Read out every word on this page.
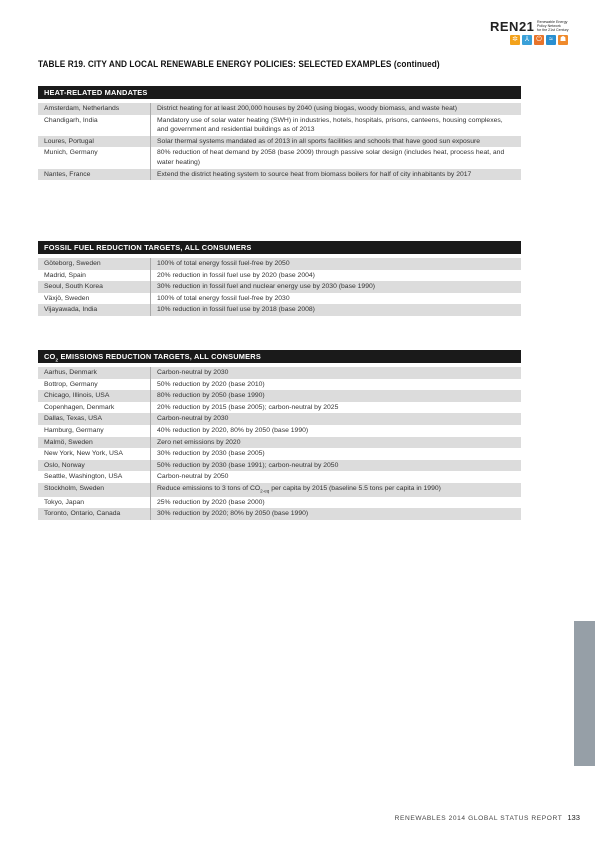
REN21 Renewable Energy
Policy Network
for the 21st Century
✲ ⅄	⏻	≈ ☗
TABLE R19. CITY AND LOCAL RENEWABLE ENERGY POLICIES: SELECTED EXAMPLES (continued)
HEAT-RELATED MANDATES
Amsterdam, Netherlands	District heating for at least 200,000 houses by 2040 (using biogas, woody biomass, and waste heat)
Chandigarh, India	Mandatory use of solar water heating (SWH) in industries, hotels, hospitals, prisons, canteens, housing complexes, and government and residential buildings as of 2013
Loures, Portugal	Solar thermal systems mandated as of 2013 in all sports facilities and schools that have good sun exposure
Munich, Germany	80% reduction of heat demand by 2058 (base 2009) through passive solar design (includes heat, process heat, and water heating)
Nantes, France	Extend the district heating system to source heat from biomass boilers for half of city inhabitants by 2017
FOSSIL FUEL REDUCTION TARGETS, ALL CONSUMERS
Göteborg, Sweden	100% of total energy fossil fuel-free by 2050
Madrid, Spain	20% reduction in fossil fuel use by 2020 (base 2004)
Seoul, South Korea	30% reduction in fossil fuel and nuclear energy use by 2030 (base 1990)
Växjö, Sweden	100% of total energy fossil fuel-free by 2030
Vijayawada, India	10% reduction in fossil fuel use by 2018 (base 2008)
$CO_2$ EMISSIONS REDUCTION TARGETS, ALL CONSUMERS
Aarhus, Denmark	Carbon-neutral by 2030
Bottrop, Germany	50% reduction by 2020 (base 2010)
Chicago, Illinois, USA	80% reduction by 2050 (base 1990)
Copenhagen, Denmark	20% reduction by 2015 (base 2005); carbon-neutral by 2025
Dallas, Texas, USA	Carbon-neutral by 2030
Hamburg, Germany	40% reduction by 2020, 80% by 2050 (base 1990)
Malmö, Sweden	Zero net emissions by 2020
New York, New York, USA	30% reduction by 2030 (base 2005)
Oslo, Norway	50% reduction by 2030 (base 1991); carbon-neutral by 2050
Seattle, Washington, USA	Carbon-neutral by 2050
Stockholm, Sweden	Reduce emissions to 3 tons of $CO_{2-eq}$ per capita by 2015 (baseline 5.5 tons per capita in 1990)
Tokyo, Japan	25% reduction by 2020 (base 2000)
Toronto, Ontario, Canada	30% reduction by 2020; 80% by 2050 (base 1990)
RENEWABLES 2014 GLOBAL STATUS REPORT 133
